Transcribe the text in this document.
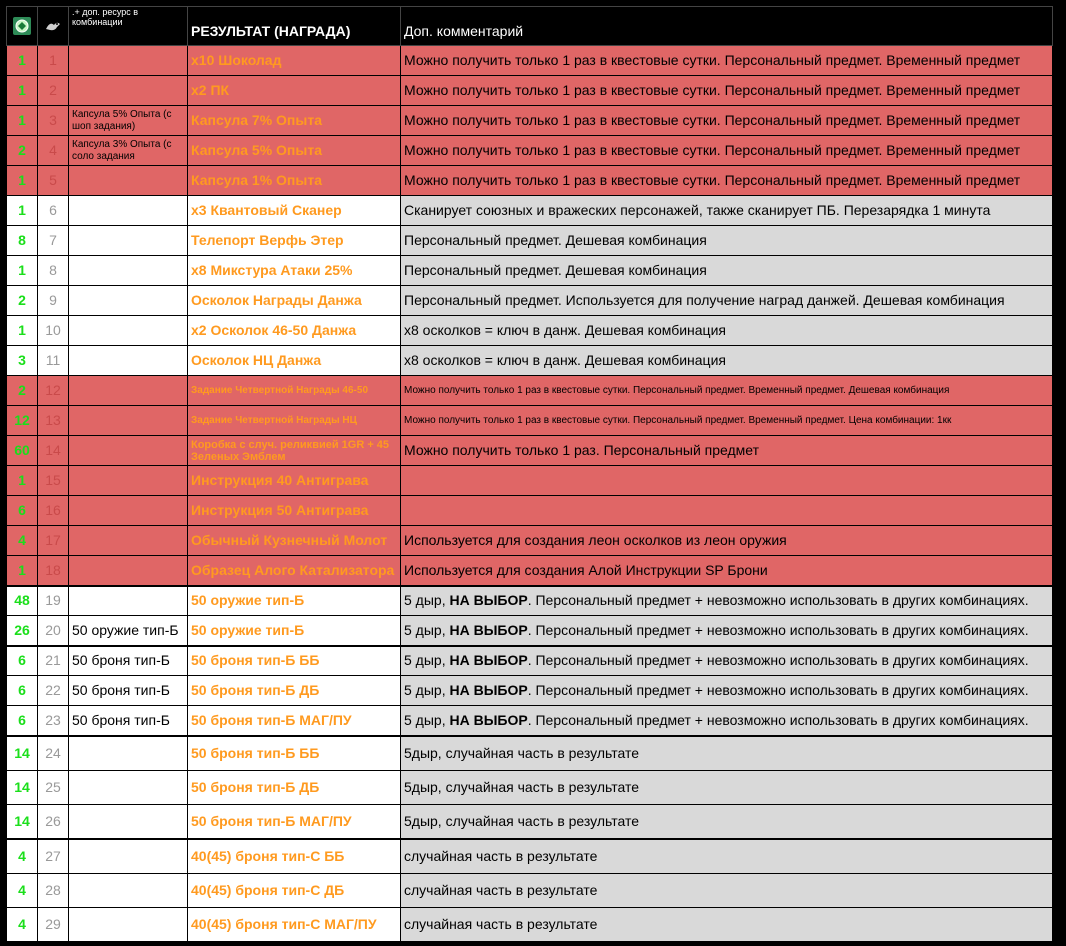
		.+ доп. ресурс в комбинации	РЕЗУЛЬТАТ (НАГРАДА)	Доп. комментарий
1	1		х10 Шоколад	Можно получить только 1 раз в квестовые сутки. Персональный предмет. Временный предмет
1	2		х2 ПК	Можно получить только 1 раз в квестовые сутки. Персональный предмет. Временный предмет
1	3	Капсула 5% Опыта (с шоп задания)	Капсула 7% Опыта	Можно получить только 1 раз в квестовые сутки. Персональный предмет. Временный предмет
2	4	Капсула 3% Опыта (с соло задания	Капсула 5% Опыта	Можно получить только 1 раз в квестовые сутки. Персональный предмет. Временный предмет
1	5		Капсула 1% Опыта	Можно получить только 1 раз в квестовые сутки. Персональный предмет. Временный предмет
1	6		х3 Квантовый Сканер	Сканирует союзных и вражеских персонажей, также сканирует ПБ. Перезарядка 1 минута
8	7		Телепорт Верфь Этер	Персональный предмет. Дешевая комбинация
1	8		х8 Микстура Атаки 25%	Персональный предмет. Дешевая комбинация
2	9		Осколок Награды Данжа	Персональный предмет. Используется для получение наград данжей. Дешевая комбинация
1	10		х2 Осколок 46-50 Данжа	х8 осколков = ключ в данж. Дешевая комбинация
3	11		Осколок НЦ Данжа	х8 осколков = ключ в данж. Дешевая комбинация
2	12		Задание Четвертной Награды 46-50	Можно получить только 1 раз в квестовые сутки. Персональный предмет. Временный предмет. Дешевая комбинация
12	13		Задание Четвертной Награды НЦ	Можно получить только 1 раз в квестовые сутки. Персональный предмет. Временный предмет. Цена комбинации: 1кк
60	14		Коробка с случ. реликвией 1GR + 45 Зеленых Эмблем	Можно получить только 1 раз. Персональный предмет
1	15		Инструкция 40 Антиграва	
6	16		Инструкция 50 Антиграва	
4	17		Обычный Кузнечный Молот	Используется для создания леон осколков из леон оружия
1	18		Образец Алого Катализатора	Используется для создания Алой Инструкции SP Брони
48	19		50 оружие тип-Б	5 дыр, НА ВЫБОР. Персональный предмет + невозможно использовать в других комбинациях.
26	20	50 оружие тип-Б	50 оружие тип-Б	5 дыр, НА ВЫБОР. Персональный предмет + невозможно использовать в других комбинациях.
6	21	50 броня тип-Б	50 броня тип-Б ББ	5 дыр, НА ВЫБОР. Персональный предмет + невозможно использовать в других комбинациях.
6	22	50 броня тип-Б	50 броня тип-Б ДБ	5 дыр, НА ВЫБОР. Персональный предмет + невозможно использовать в других комбинациях.
6	23	50 броня тип-Б	50 броня тип-Б МАГ/ПУ	5 дыр, НА ВЫБОР. Персональный предмет + невозможно использовать в других комбинациях.
14	24		50 броня тип-Б ББ	5дыр, случайная часть в результате
14	25		50 броня тип-Б ДБ	5дыр, случайная часть в результате
14	26		50 броня тип-Б МАГ/ПУ	5дыр, случайная часть в результате
4	27		40(45) броня тип-С ББ	случайная часть в результате
4	28		40(45) броня тип-С ДБ	случайная часть в результате
4	29		40(45) броня тип-С МАГ/ПУ	случайная часть в результате
